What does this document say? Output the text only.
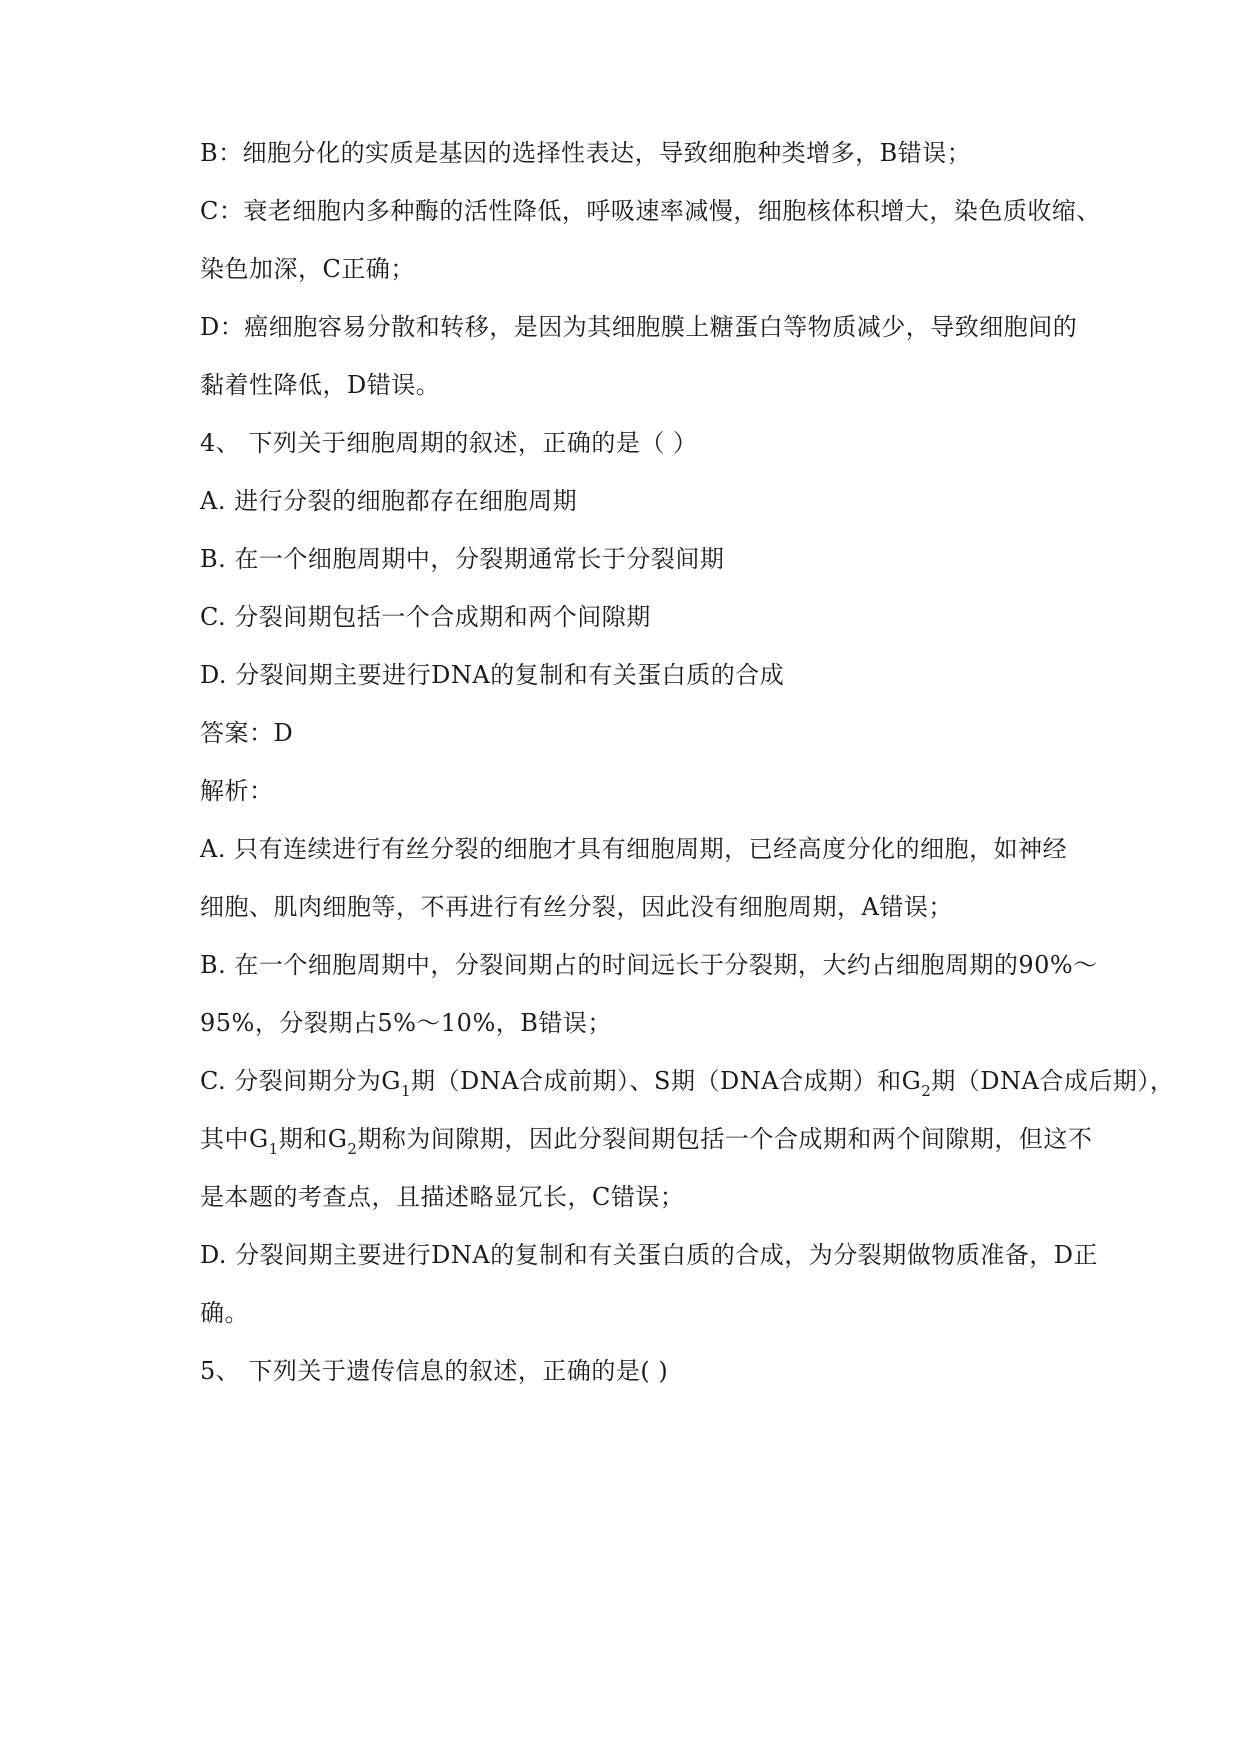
B：细胞分化的实质是基因的选择性表达，导致细胞种类增多，B错误；
C：衰老细胞内多种酶的活性降低，呼吸速率减慢，细胞核体积增大，染色质收缩、
染色加深，C正确；
D：癌细胞容易分散和转移，是因为其细胞膜上糖蛋白等物质减少，导致细胞间的
黏着性降低，D错误。
4、 下列关于细胞周期的叙述，正确的是（ ）
A. 进行分裂的细胞都存在细胞周期
B. 在一个细胞周期中，分裂期通常长于分裂间期
C. 分裂间期包括一个合成期和两个间隙期
D. 分裂间期主要进行DNA的复制和有关蛋白质的合成
答案：D
解析：
A. 只有连续进行有丝分裂的细胞才具有细胞周期，已经高度分化的细胞，如神经
细胞、肌肉细胞等，不再进行有丝分裂，因此没有细胞周期，A错误；
B. 在一个细胞周期中，分裂间期占的时间远长于分裂期，大约占细胞周期的90%～
95%，分裂期占5%～10%，B错误；
C. 分裂间期分为$G_1$期（DNA合成前期）、S期（DNA合成期）和$G_2$期（DNA合成后期），
其中$G_1$期和$G_2$期称为间隙期，因此分裂间期包括一个合成期和两个间隙期，但这不
是本题的考查点，且描述略显冗长，C错误；
D. 分裂间期主要进行DNA的复制和有关蛋白质的合成，为分裂期做物质准备，D正
确。
5、 下列关于遗传信息的叙述，正确的是( )
